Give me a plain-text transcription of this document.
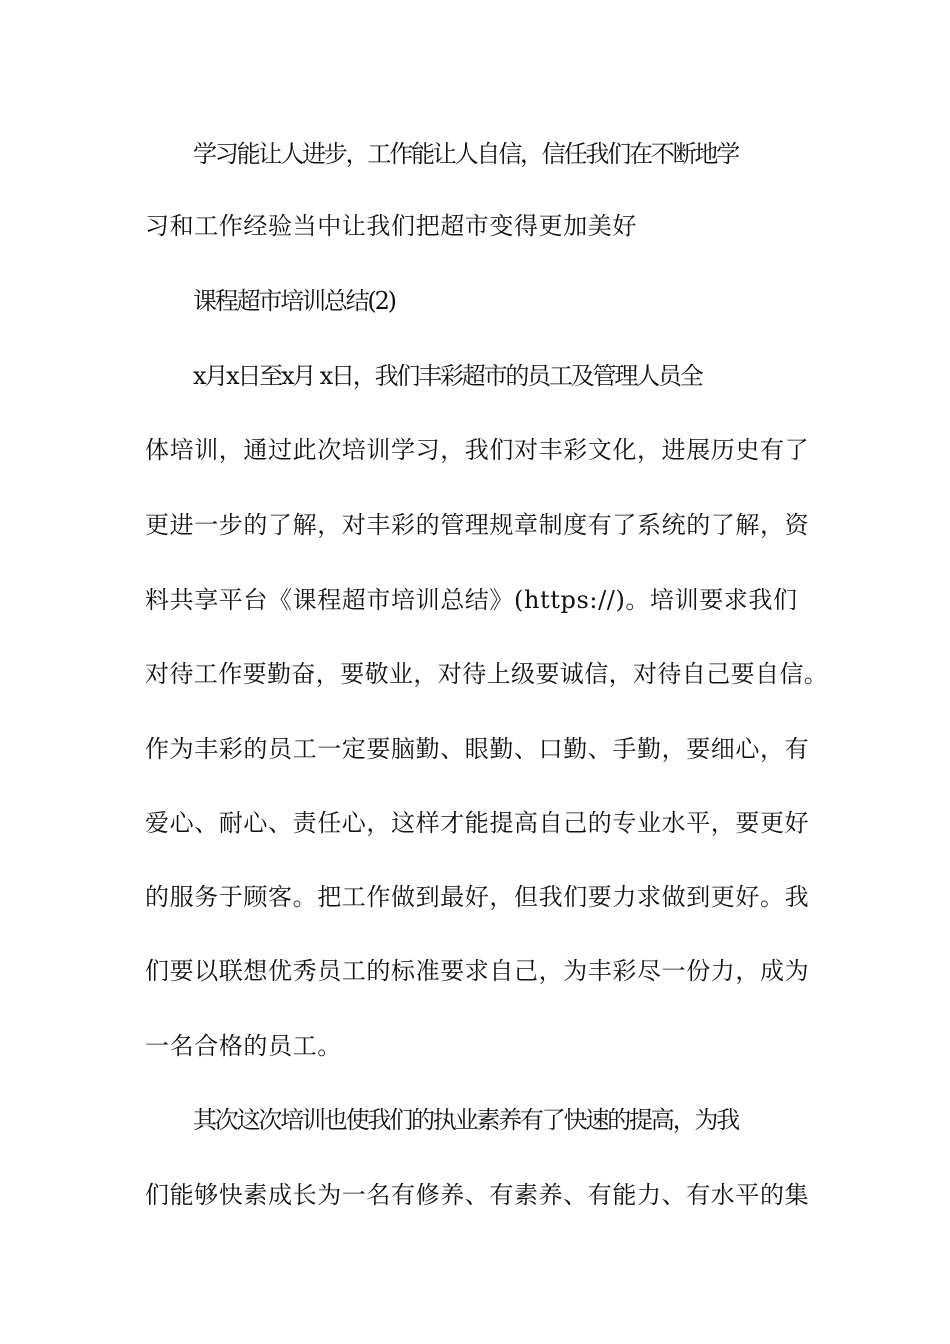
学习能让人进步，工作能让人自信，信任我们在不断地学
习和工作经验当中让我们把超市变得更加美好
课程超市培训总结(2)
x月x日至x月 x日，我们丰彩超市的员工及管理人员全
体培训，通过此次培训学习，我们对丰彩文化，进展历史有了
更进一步的了解，对丰彩的管理规章制度有了系统的了解，资
料共享平台《课程超市培训总结》(https://)。培训要求我们
对待工作要勤奋，要敬业，对待上级要诚信，对待自己要自信。
作为丰彩的员工一定要脑勤、眼勤、口勤、手勤，要细心，有
爱心、耐心、责任心，这样才能提高自己的专业水平，要更好
的服务于顾客。把工作做到最好，但我们要力求做到更好。我
们要以联想优秀员工的标准要求自己，为丰彩尽一份力，成为
一名合格的员工。
其次这次培训也使我们的执业素养有了快速的提高，为我
们能够快素成长为一名有修养、有素养、有能力、有水平的集
